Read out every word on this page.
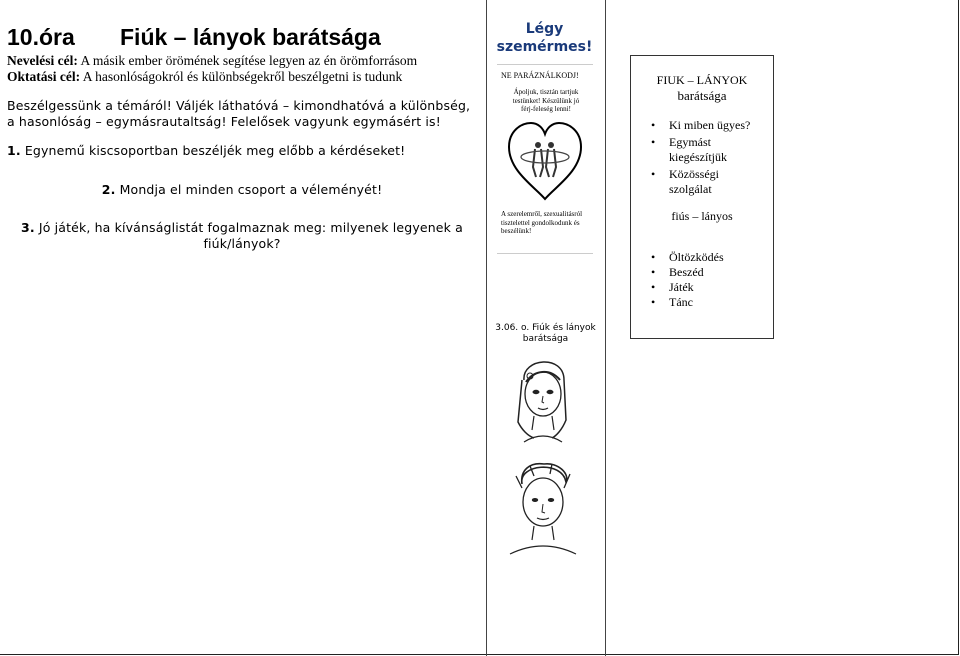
10.óra	Fiúk – lányok barátsága
Nevelési cél: A másik ember örömének segítése legyen az én örömforrásom
Oktatási cél: A hasonlóságokról és különbségekről beszélgetni is tudunk
Beszélgessünk a témáról! Váljék láthatóvá – kimondhatóvá a különbség, a hasonlóság – egymásrautaltság! Felelősek vagyunk egymásért is!
1. Egynemű kiscsoportban beszéljék meg előbb a kérdéseket!
2. Mondja el minden csoport a véleményét!
3. Jó játék, ha kívánságlistát fogalmaznak meg: milyenek legyenek a fiúk/lányok?
Légy
szemérmes!
NE PARÁZNÁLKODJ!
Ápoljuk, tisztán tartjuk testünket! Készülünk jó férj-feleség lenni!
A szerelemről, szexualitásról tisztelettel gondolkodunk és beszélünk!
3.06. o. Fiúk és lányok barátsága
FIUK – LÁNYOK
barátsága
• Ki miben ügyes?
• Egymást kiegészítjük
• Közösségi szolgálat
fiús – lányos
• Öltözködés
• Beszéd
• Játék
• Tánc
